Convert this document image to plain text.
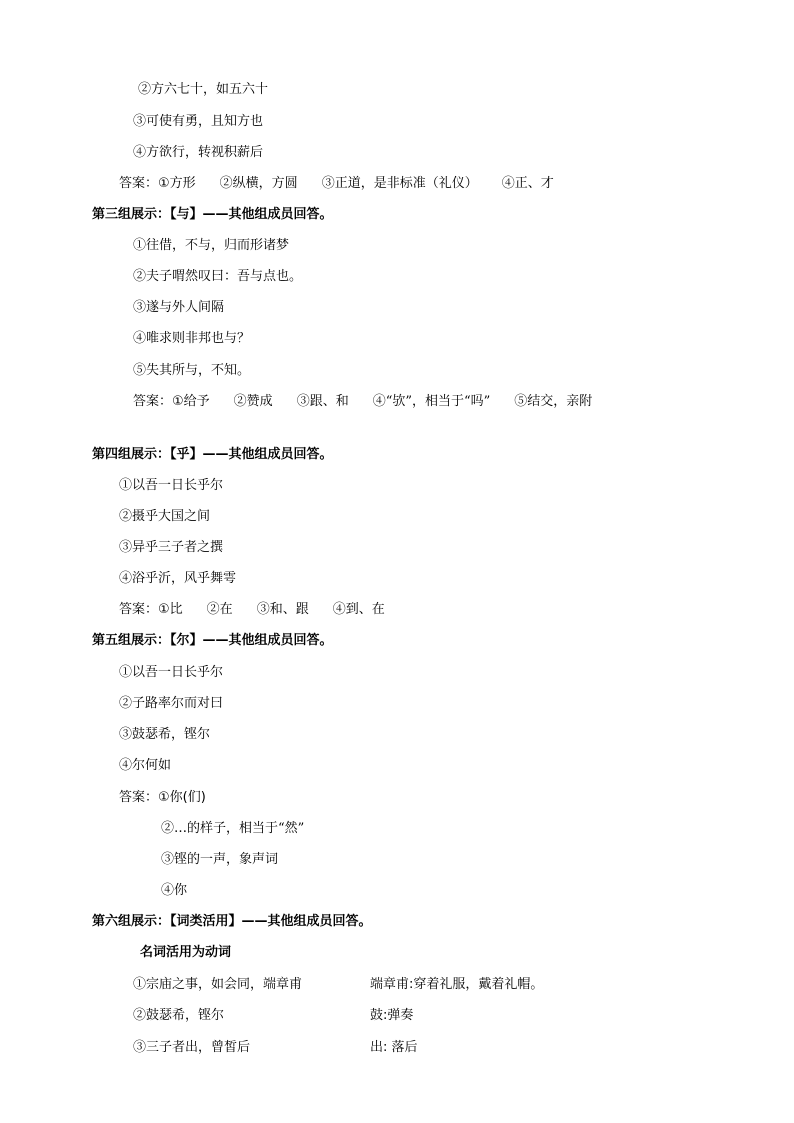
②方六七十，如五六十
③可使有勇，且知方也
④方欲行，转视积薪后
答案：①方形 ②纵横，方圆 ③正道，是非标准（礼仪） ④正、才
第三组展示：【与】——其他组成员回答。
①往借，不与，归而形诸梦
②夫子喟然叹曰：吾与点也。
③遂与外人间隔
④唯求则非邦也与？
⑤失其所与，不知。
答案：①给予 ②赞成 ③跟、和 ④“欤”，相当于“吗” ⑤结交，亲附
第四组展示：【乎】——其他组成员回答。
①以吾一日长乎尔
②摄乎大国之间
③异乎三子者之撰
④浴乎沂，风乎舞雩
答案：①比 ②在 ③和、跟 ④到、在
第五组展示：【尔】——其他组成员回答。
①以吾一日长乎尔
②子路率尔而对曰
③鼓瑟希，铿尔
④尔何如
答案：①你(们)
②…的样子，相当于“然”
③铿的一声，象声词
④你
第六组展示：【词类活用】——其他组成员回答。
名词活用为动词
①宗庙之事，如会同，端章甫	端章甫:穿着礼服，戴着礼帽。
②鼓瑟希，铿尔	鼓:弹奏
③三子者出，曾皙后	出: 落后
